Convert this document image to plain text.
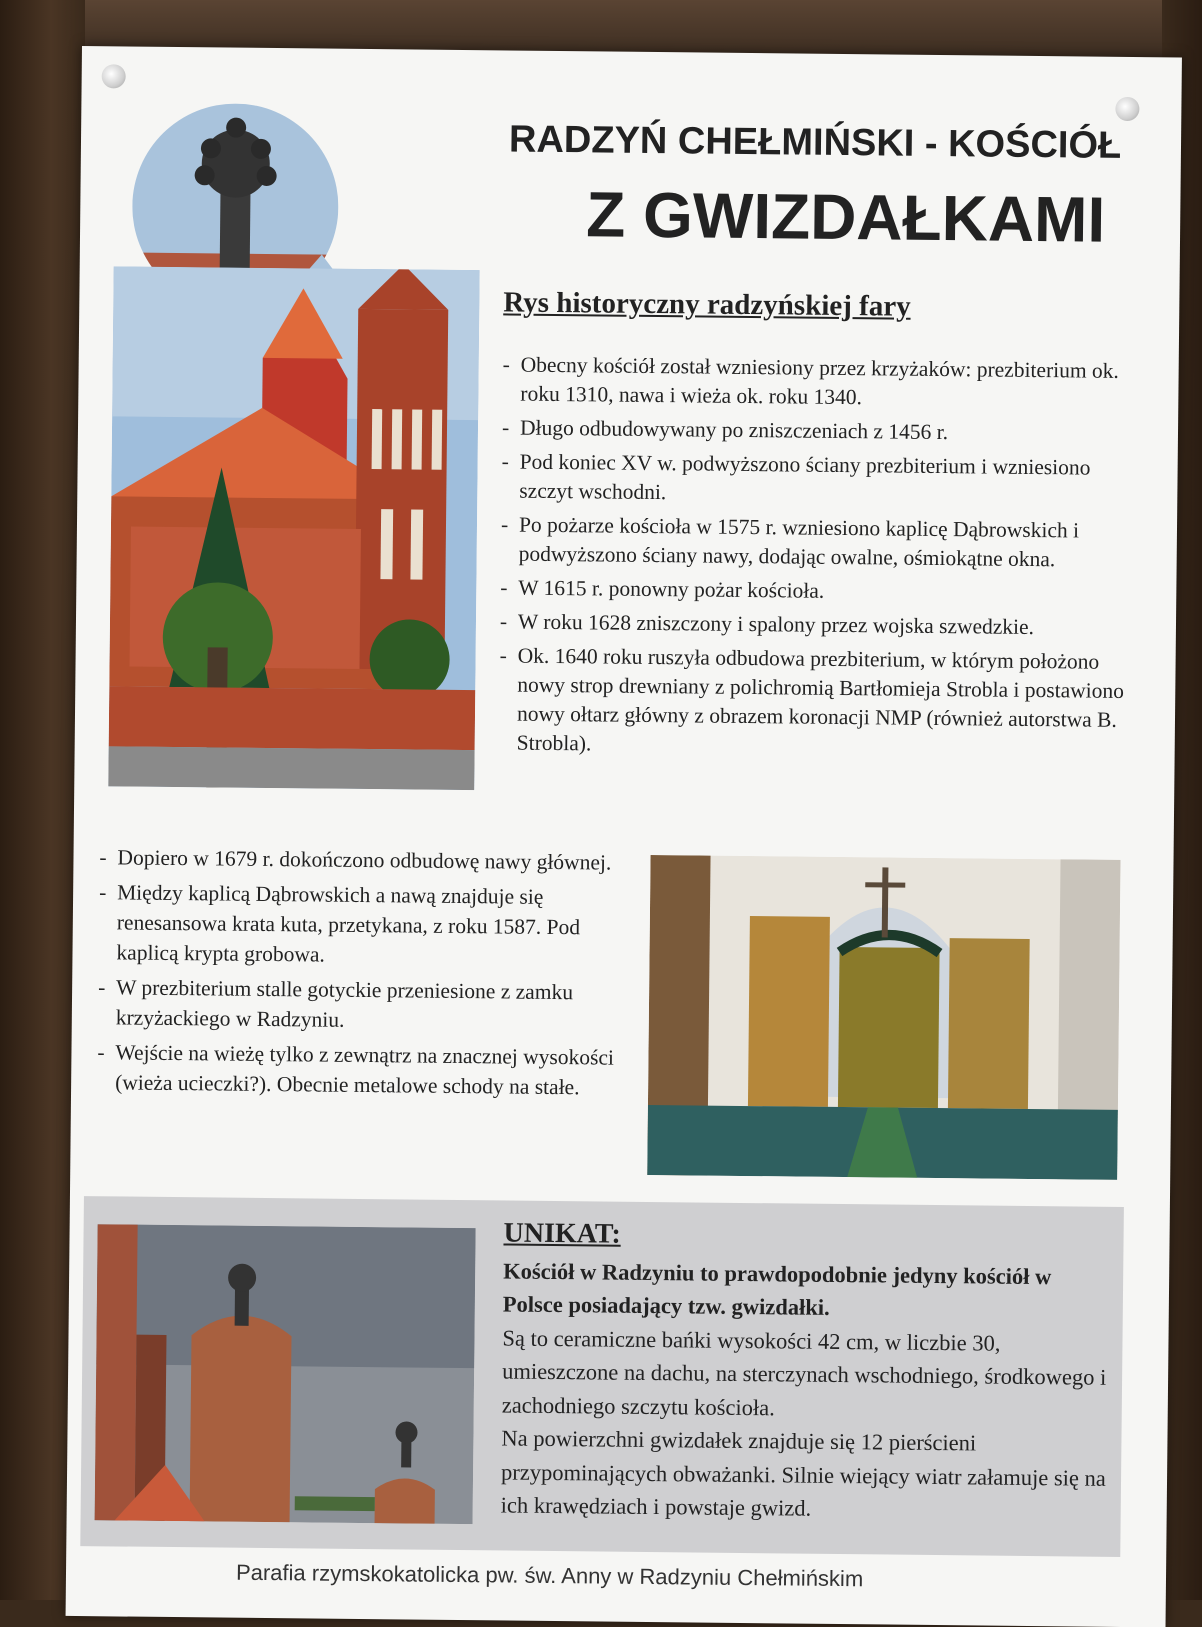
RADZYŃ CHEŁMIŃSKI - KOŚCIÓŁ
Z GWIZDAŁKAMI
Rys historyczny radzyńskiej fary
- Obecny kościół został wzniesiony przez krzyżaków: prezbiterium ok. roku 1310, nawa i wieża ok. roku 1340.
- Długo odbudowywany po zniszczeniach z 1456 r.
- Pod koniec XV w. podwyższono ściany prezbiterium i wzniesiono szczyt wschodni.
- Po pożarze kościoła w 1575 r. wzniesiono kaplicę Dąbrowskich i podwyższono ściany nawy, dodając owalne, ośmiokątne okna.
- W 1615 r. ponowny pożar kościoła.
- W roku 1628 zniszczony i spalony przez wojska szwedzkie.
- Ok. 1640 roku ruszyła odbudowa prezbiterium, w którym położono nowy strop drewniany z polichromią Bartłomieja Strobla i postawiono nowy ołtarz główny z obrazem koronacji NMP (również autorstwa B. Strobla).
- Dopiero w 1679 r. dokończono odbudowę nawy głównej.
- Między kaplicą Dąbrowskich a nawą znajduje się renesansowa krata kuta, przetykana, z roku 1587. Pod kaplicą krypta grobowa.
- W prezbiterium stalle gotyckie przeniesione z zamku krzyżackiego w Radzyniu.
- Wejście na wieżę tylko z zewnątrz na znacznej wysokości (wieża ucieczki?). Obecnie metalowe schody na stałe.
UNIKAT:

Kościół w Radzyniu to prawdopodobnie jedyny kościół w Polsce posiadający tzw. gwizdałki.

Są to ceramiczne bańki wysokości 42 cm, w liczbie 30, umieszczone na dachu, na sterczynach wschodniego, środkowego i zachodniego szczytu kościoła.

Na powierzchni gwizdałek znajduje się 12 pierścieni przypominających obważanki. Silnie wiejący wiatr załamuje się na ich krawędziach i powstaje gwizd.

Parafia rzymskokatolicka pw. św. Anny w Radzyniu Chełmińskim
